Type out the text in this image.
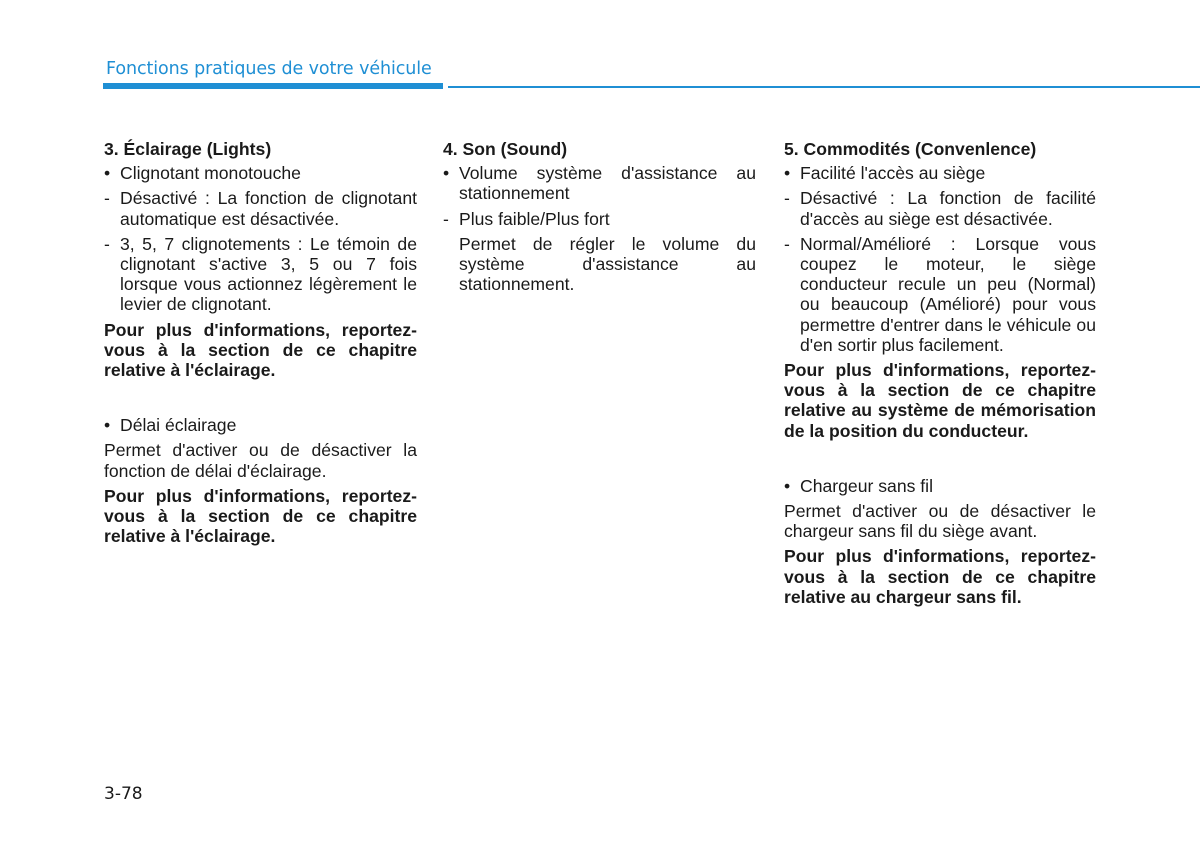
Fonctions pratiques de votre véhicule
3. Éclairage (Lights)
• Clignotant monotouche
- Désactivé : La fonction de clignotant automatique est désactivée.
- 3, 5, 7 clignotements : Le témoin de clignotant s'active 3, 5 ou 7 fois lorsque vous actionnez légèrement le levier de clignotant.
Pour plus d'informations, reportez-vous à la section de ce chapitre relative à l'éclairage.
• Délai éclairage
Permet d'activer ou de désactiver la fonction de délai d'éclairage.
Pour plus d'informations, reportez-vous à la section de ce chapitre relative à l'éclairage.
4. Son (Sound)
• Volume système d'assistance au stationnement
- Plus faible/Plus fort
Permet de régler le volume du système d'assistance au stationnement.
5. Commodités (Convenlence)
• Facilité l'accès au siège
- Désactivé : La fonction de facilité d'accès au siège est désactivée.
- Normal/Amélioré : Lorsque vous coupez le moteur, le siège conducteur recule un peu (Normal) ou beaucoup (Amélioré) pour vous permettre d'entrer dans le véhicule ou d'en sortir plus facilement.
Pour plus d'informations, reportez-vous à la section de ce chapitre relative au système de mémorisation de la position du conducteur.
• Chargeur sans fil
Permet d'activer ou de désactiver le chargeur sans fil du siège avant.
Pour plus d'informations, reportez-vous à la section de ce chapitre relative au chargeur sans fil.
3-78
